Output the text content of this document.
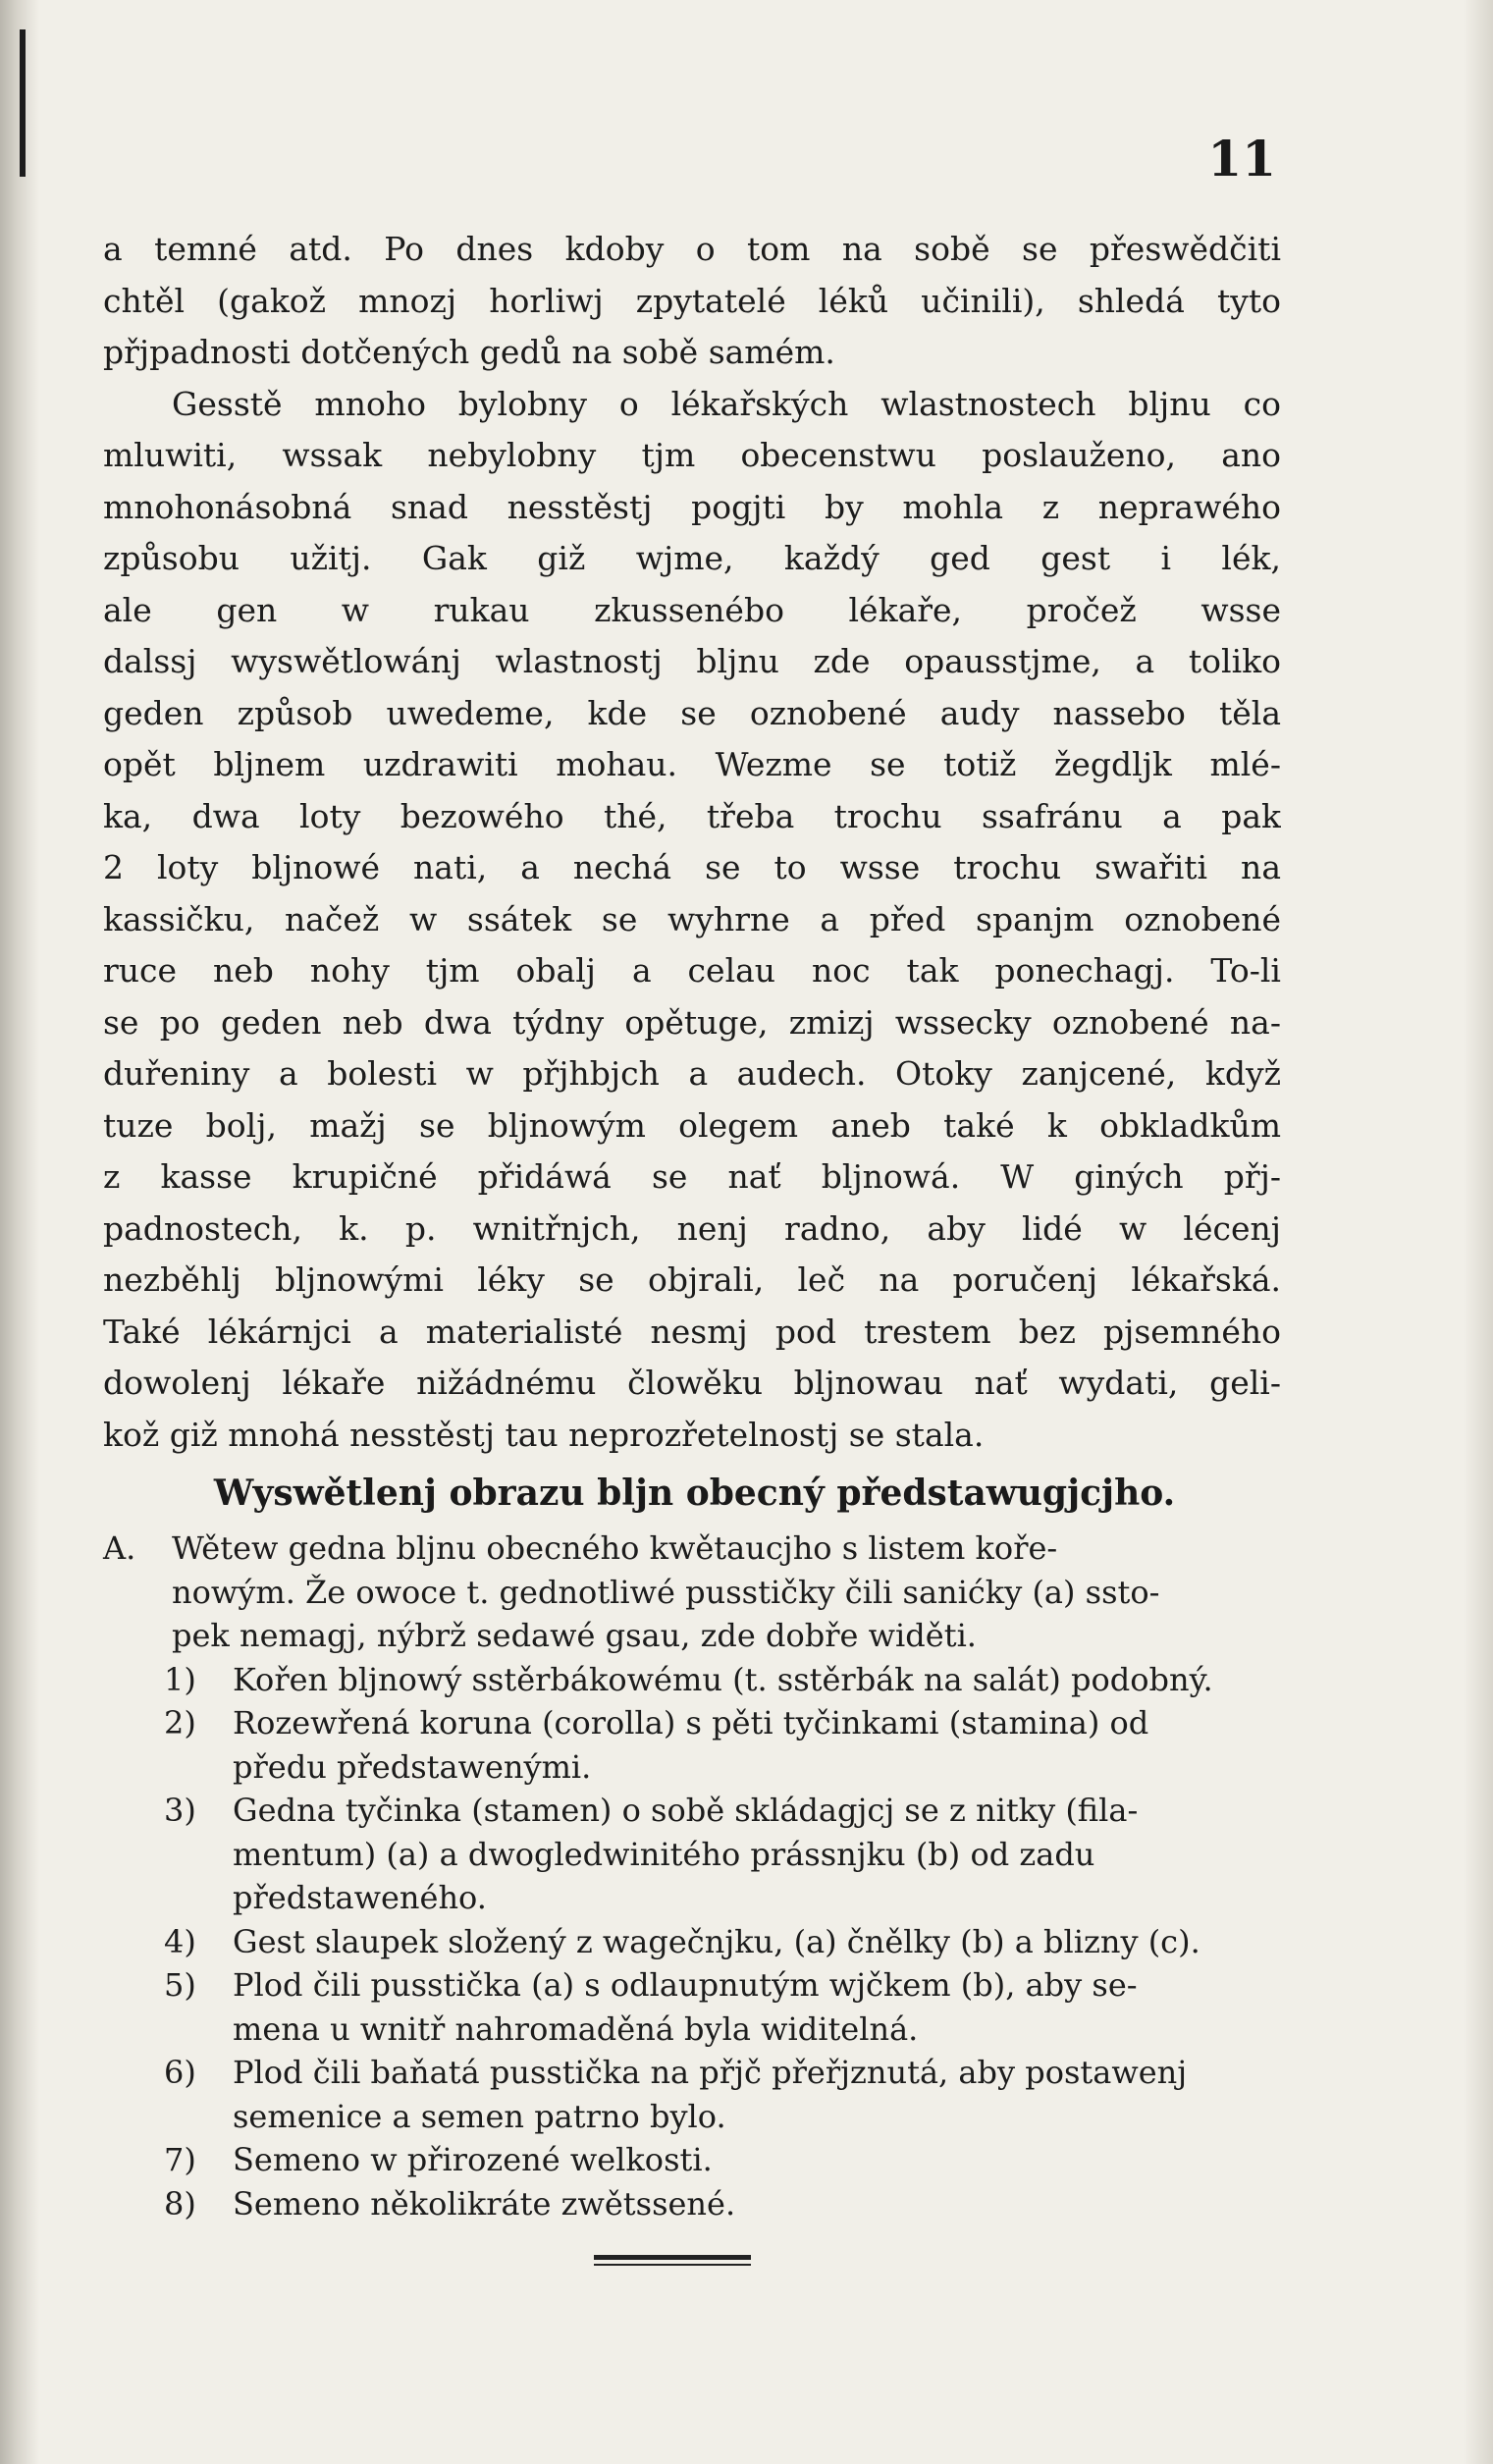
11
a temné atd. Po dnes kdoby o tom na sobě se přeswědčiti
chtěl (gakož mnozj horliwj zpytatelé léků učinili), shledá tyto
přjpadnosti dotčených gedů na sobě samém.
Gesstě mnoho bylobny o lékařských wlastnostech bljnu co
mluwiti, wssak nebylobny tjm obecenstwu poslauženo, ano
mnohonásobná snad nesstěstj pogjti by mohla z neprawého
způsobu užitj. Gak giž wjme, každý ged gest i lék,
ale gen w rukau zkussenébo lékaře, pročež wsse
dalssj wyswětlowánj wlastnostj bljnu zde opausstjme, a toliko
geden způsob uwedeme, kde se oznobené audy nassebo těla
opět bljnem uzdrawiti mohau. Wezme se totiž žegdljk mlé-
ka, dwa loty bezowého thé, třeba trochu ssafránu a pak
2 loty bljnowé nati, a nechá se to wsse trochu swařiti na
kassičku, načež w ssátek se wyhrne a před spanjm oznobené
ruce neb nohy tjm obalj a celau noc tak ponechagj. To-li
se po geden neb dwa týdny opětuge, zmizj wssecky oznobené na-
duřeniny a bolesti w přjhbjch a audech. Otoky zanjcené, když
tuze bolj, mažj se bljnowým olegem aneb také k obkladkům
z kasse krupičné přidáwá se nať bljnowá. W giných přj-
padnostech, k. p. wnitřnjch, nenj radno, aby lidé w lécenj
nezběhlj bljnowými léky se objrali, leč na poručenj lékařská.
Také lékárnjci a materialisté nesmj pod trestem bez pjsemného
dowolenj lékaře nižádnému člowěku bljnowau nať wydati, geli-
kož giž mnohá nesstěstj tau neprozřetelnostj se stala.
Wyswětlenj obrazu bljn obecný předstawugjcjho.
A.	Wětew gedna bljnu obecného kwětaucjho s listem koře-
nowým. Že owoce t. gednotliwé pusstičky čili sanićky (a) ssto-
pek nemagj, nýbrž sedawé gsau, zde dobře widěti.
1)	Kořen bljnowý sstěrbákowému (t. sstěrbák na salát) podobný.
2)	Rozewřená koruna (corolla) s pěti tyčinkami (stamina) od
předu předstawenými.
3)	Gedna tyčinka (stamen) o sobě skládagjcj se z nitky (fila-
mentum) (a) a dwogledwinitého prássnjku (b) od zadu
předstaweného.
4)	Gest slaupek složený z wagečnjku, (a) čnělky (b) a blizny (c).
5)	Plod čili pusstička (a) s odlaupnutým wjčkem (b), aby se-
mena u wnitř nahromaděná byla widitelná.
6)	Plod čili baňatá pusstička na přjč přeřjznutá, aby postawenj
semenice a semen patrno bylo.
7)	Semeno w přirozené welkosti.
8)	Semeno několikráte zwětssené.
